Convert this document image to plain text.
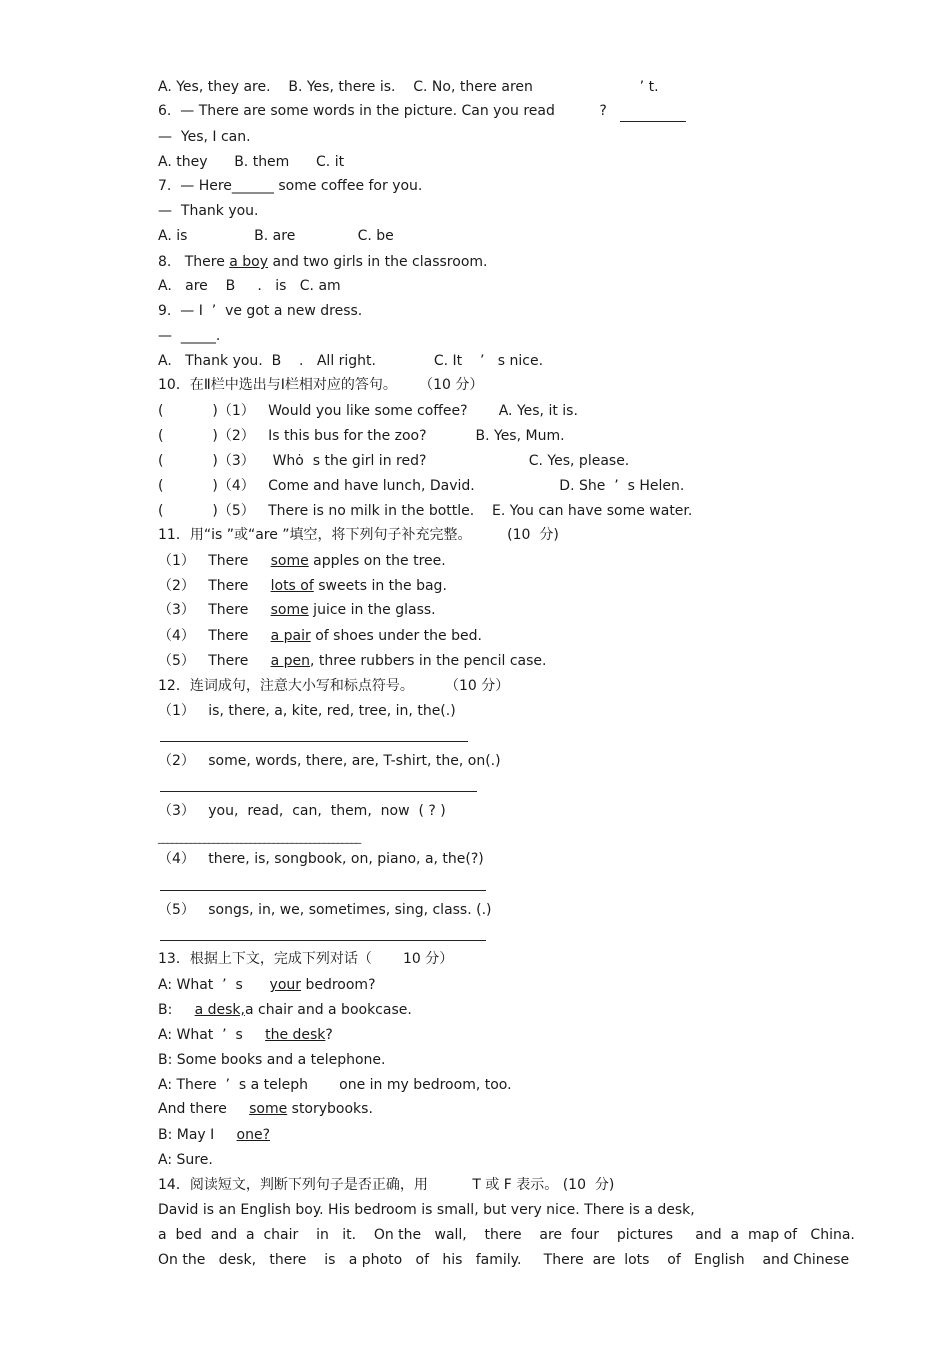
A. Yes, they are.    B. Yes, there is.    C. No, there aren                        ’ t.
6.  — There are some words in the picture. Can you read          ?
—  Yes, I can.
A. they      B. them      C. it
7.  — Here______ some coffee for you.
—  Thank you.
A. is               B. are              C. be
8.   There a boy and two girls in the classroom.
A.   are    B     .   is   C. am
9.  — I  ’  ve got a new dress.
—  _____.
A.   Thank you.  B    .   All right.             C. It    ’   s nice.
10．在Ⅱ栏中选出与Ⅰ栏相对应的答句。     （10 分）
(           )（1）   Would you like some coffee?       A. Yes, it is.
(           )（2）   Is this bus for the zoo?           B. Yes, Mum.
(           )（3）    Whȯ  s the girl in red?                       C. Yes, please.
(           )（4）   Come and have lunch, David.                   D. She  ’  s Helen.
(           )（5）   There is no milk in the bottle.    E. You can have some water.
11．用“is ”或“are ”填空，将下列句子补充完整。        (10  分)
（1）   There     some apples on the tree.
（2）   There     lots of sweets in the bag.
（3）   There     some juice in the glass.
（4）   There     a pair of shoes under the bed.
（5）   There     a pen, three rubbers in the pencil case.
12．连词成句，注意大小写和标点符号。       （10 分）
（1）   is, there, a, kite, red, tree, in, the(.)
（2）   some, words, there, are, T-shirt, the, on(.)
（3）   you,  read,  can,  them,  now  ( ? )
____________________________________________
（4）   there, is, songbook, on, piano, a, the(?)
（5）   songs, in, we, sometimes, sing, class. (.)
13．根据上下文，完成下列对话（       10 分）
A: What  ’  s      your bedroom?
B:     a desk,a chair and a bookcase.
A: What  ’  s     the desk?
B: Some books and a telephone.
A: There  ’  s a teleph       one in my bedroom, too.
And there     some storybooks.
B: May I     one?
A: Sure.
14．阅读短文，判断下列句子是否正确，用          T 或 F 表示。 (10  分)
David is an English boy. His bedroom is small, but very nice. There is a desk,
a  bed  and  a  chair    in   it.    On the   wall,    there    are  four    pictures     and  a  map of   China.
On the   desk,   there    is   a photo   of   his   family.     There  are  lots    of   English    and Chinese
